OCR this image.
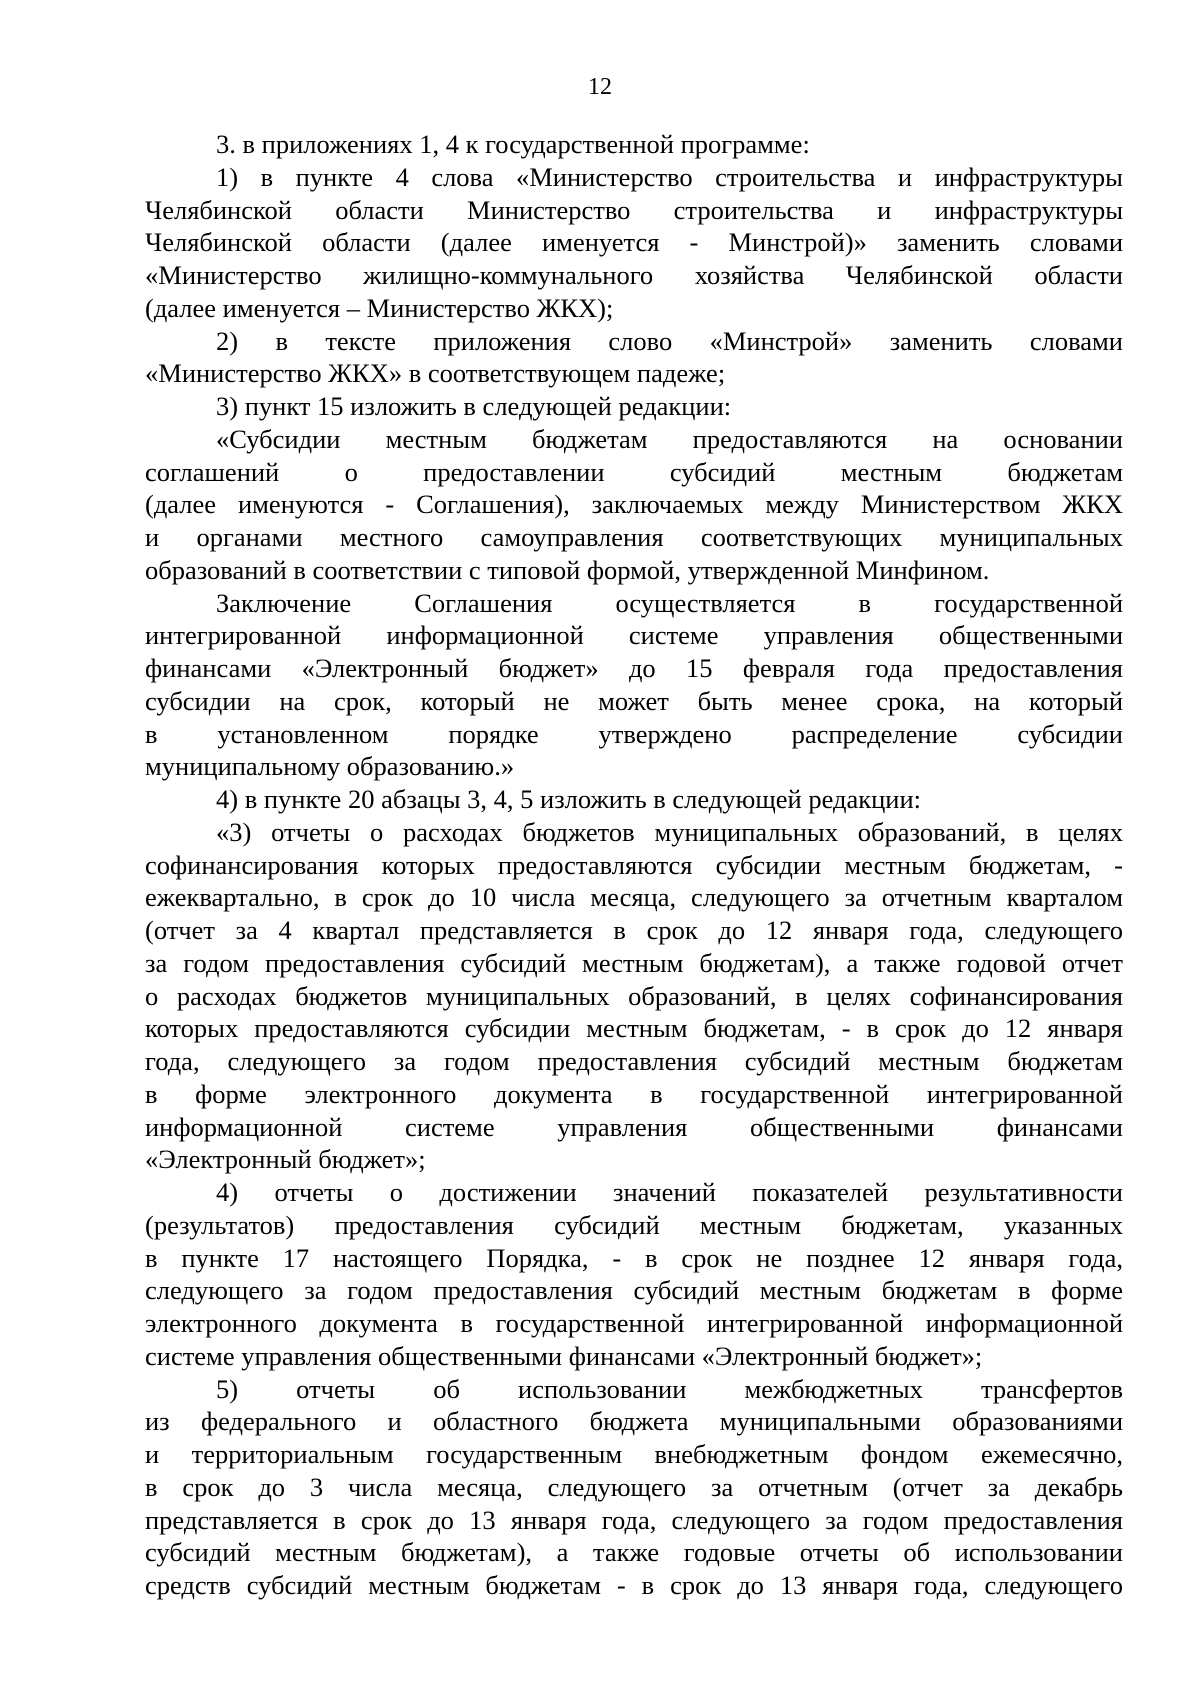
12
3. в приложениях 1, 4 к государственной программе:
1) в пункте 4 слова «Министерство строительства и инфраструктуры
Челябинской области Министерство строительства и инфраструктуры
Челябинской области (далее именуется - Минстрой)» заменить словами
«Министерство жилищно-коммунального хозяйства Челябинской области
(далее именуется – Министерство ЖКХ);
2) в тексте приложения слово «Минстрой» заменить словами
«Министерство ЖКХ» в соответствующем падеже;
3) пункт 15 изложить в следующей редакции:
«Субсидии местным бюджетам предоставляются на основании
соглашений о предоставлении субсидий местным бюджетам
(далее именуются - Соглашения), заключаемых между Министерством ЖКХ
и органами местного самоуправления соответствующих муниципальных
образований в соответствии с типовой формой, утвержденной Минфином.
Заключение Соглашения осуществляется в государственной
интегрированной информационной системе управления общественными
финансами «Электронный бюджет» до 15 февраля года предоставления
субсидии на срок, который не может быть менее срока, на который
в установленном порядке утверждено распределение субсидии
муниципальному образованию.»
4) в пункте 20 абзацы 3, 4, 5 изложить в следующей редакции:
«3) отчеты о расходах бюджетов муниципальных образований, в целях
софинансирования которых предоставляются субсидии местным бюджетам, -
ежеквартально, в срок до 10 числа месяца, следующего за отчетным кварталом
(отчет за 4 квартал представляется в срок до 12 января года, следующего
за годом предоставления субсидий местным бюджетам), а также годовой отчет
о расходах бюджетов муниципальных образований, в целях софинансирования
которых предоставляются субсидии местным бюджетам, - в срок до 12 января
года, следующего за годом предоставления субсидий местным бюджетам
в форме электронного документа в государственной интегрированной
информационной системе управления общественными финансами
«Электронный бюджет»;
4) отчеты о достижении значений показателей результативности
(результатов) предоставления субсидий местным бюджетам, указанных
в пункте 17 настоящего Порядка, - в срок не позднее 12 января года,
следующего за годом предоставления субсидий местным бюджетам в форме
электронного документа в государственной интегрированной информационной
системе управления общественными финансами «Электронный бюджет»;
5) отчеты об использовании межбюджетных трансфертов
из федерального и областного бюджета муниципальными образованиями
и территориальным государственным внебюджетным фондом ежемесячно,
в срок до 3 числа месяца, следующего за отчетным (отчет за декабрь
представляется в срок до 13 января года, следующего за годом предоставления
субсидий местным бюджетам), а также годовые отчеты об использовании
средств субсидий местным бюджетам - в срок до 13 января года, следующего
